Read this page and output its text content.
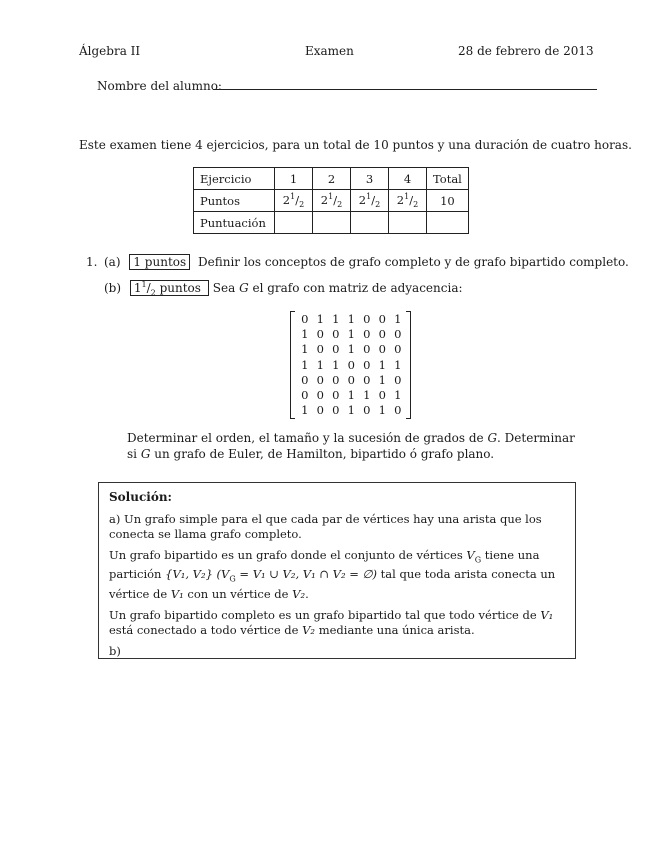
Álgebra II	Examen	28 de febrero de 2013
Nombre del alumno:
Este examen tiene 4 ejercicios, para un total de 10 puntos y una duración de cuatro horas.
Ejercicio	1	2	3	4	Total
Puntos	$2^1/_2$	$2^1/_2$	$2^1/_2$	$2^1/_2$	10
Puntuación					
1. (a) 1 puntos Definir los conceptos de grafo completo y de grafo bipartido completo.
(b) $1^1/_2$ puntos Sea G el grafo con matriz de adyacencia:
0 1 1 1 0 0 1
1 0 0 1 0 0 0
1 0 0 1 0 0 0
1 1 1 0 0 1 1
0 0 0 0 0 1 0
0 0 0 1 1 0 1
1 0 0 1 0 1 0
Determinar el orden, el tamaño y la sucesión de grados de G. Determinar si G un grafo de Euler, de Hamilton, bipartido ó grafo plano.

Solución:

a) Un grafo simple para el que cada par de vértices hay una arista que los conecta se llama grafo completo.

Un grafo bipartido es un grafo donde el conjunto de vértices $V_G$ tiene una partición {V₁, V₂} ($V_G = V_1$ ∪ V₂, V₁ ∩ V₂ = ∅) tal que toda arista conecta un vértice de V₁ con un vértice de V₂.

Un grafo bipartido completo es un grafo bipartido tal que todo vértice de V₁ está conectado a todo vértice de V₂ mediante una única arista.

b)
